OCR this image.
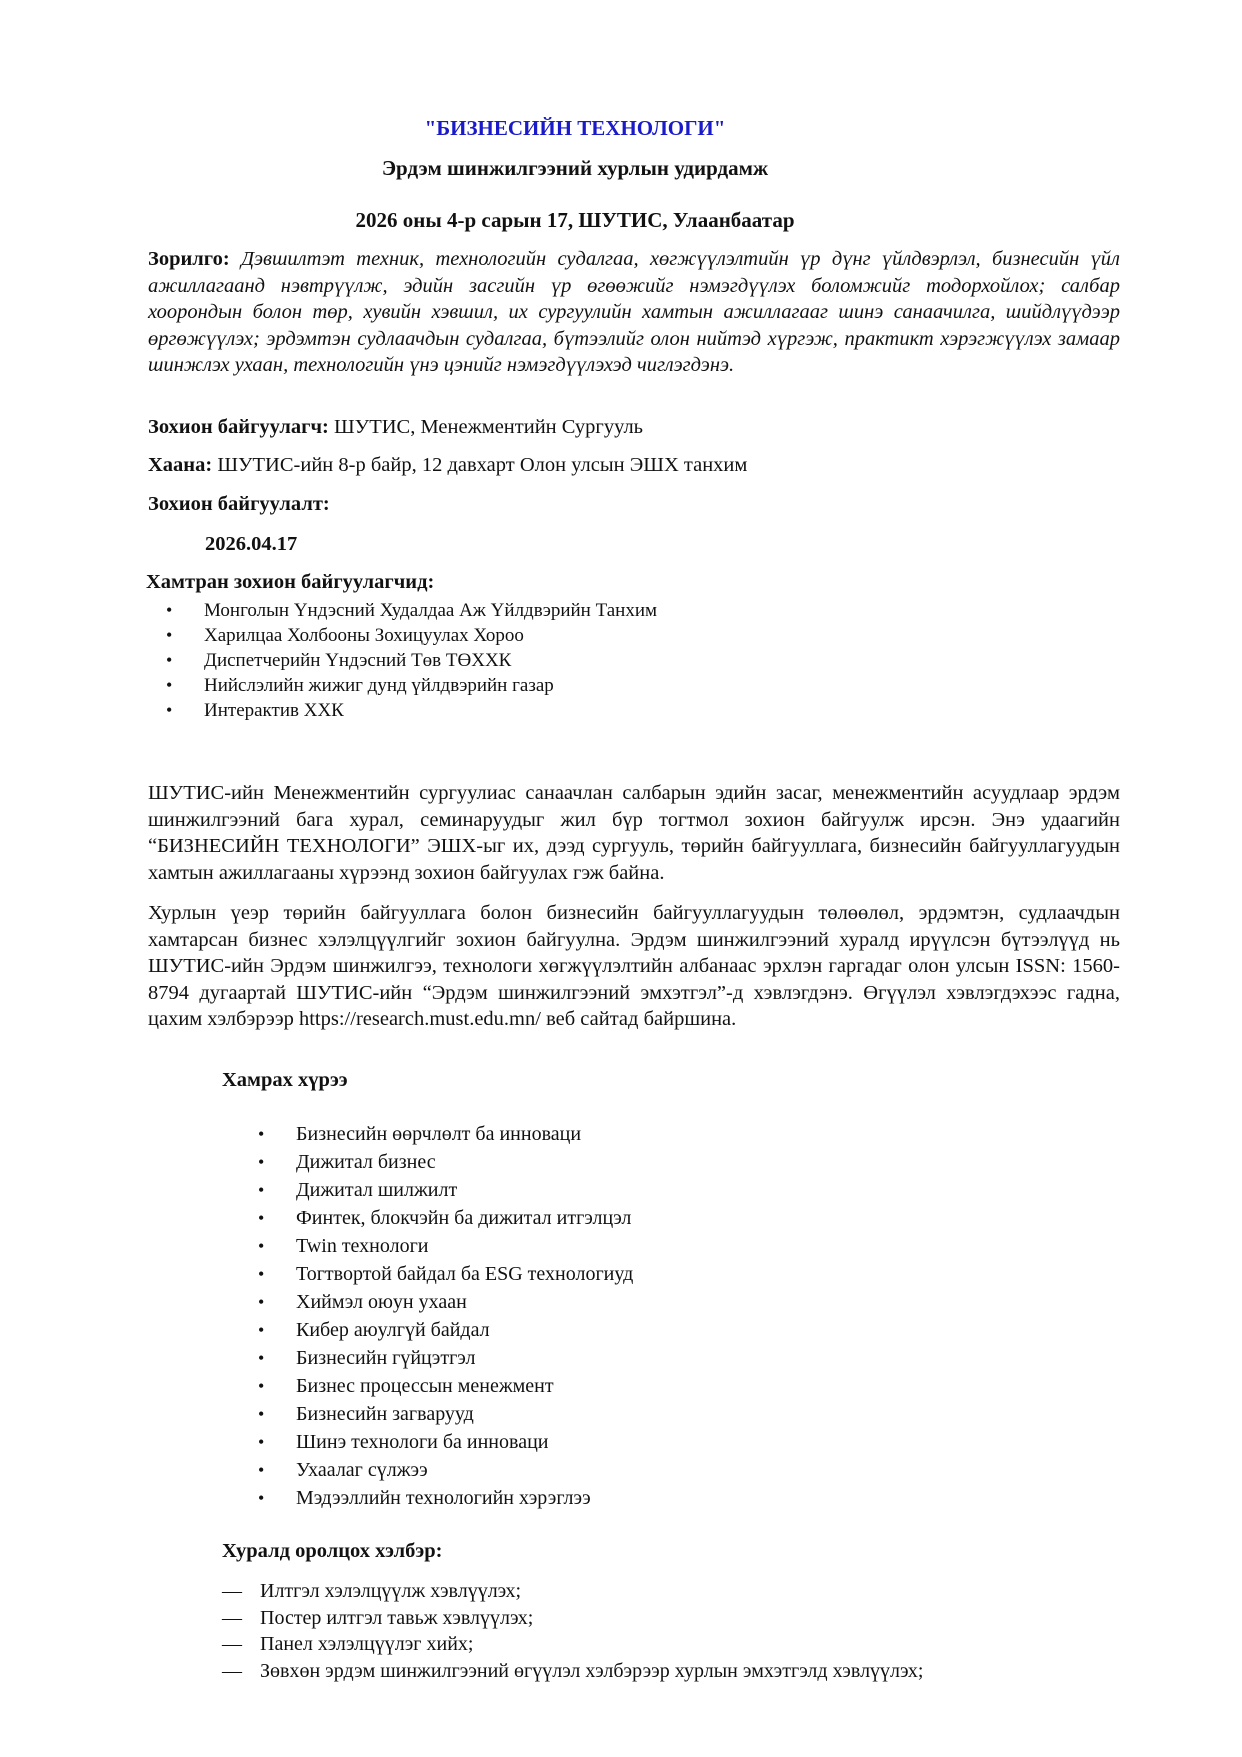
"БИЗНЕСИЙН ТЕХНОЛОГИ"
Эрдэм шинжилгээний хурлын удирдамж
2026 оны 4-р сарын 17, ШУТИС, Улаанбаатар
Зорилго: Дэвшилтэт техник, технологийн судалгаа, хөгжүүлэлтийн үр дүнг үйлдвэрлэл, бизнесийн үйл ажиллагаанд нэвтрүүлж, эдийн засгийн үр өгөөжийг нэмэгдүүлэх боломжийг тодорхойлох; салбар хоорондын болон төр, хувийн хэвшил, их сургуулийн хамтын ажиллагааг шинэ санаачилга, шийдлүүдээр өргөжүүлэх; эрдэмтэн судлаачдын судалгаа, бүтээлийг олон нийтэд хүргэж, практикт хэрэгжүүлэх замаар шинжлэх ухаан, технологийн үнэ цэнийг нэмэгдүүлэхэд чиглэгдэнэ.
Зохион байгуулагч: ШУТИС, Менежментийн Сургууль
Хаана: ШУТИС-ийн 8-р байр, 12 давхарт Олон улсын ЭШХ танхим
Зохион байгуулалт:
2026.04.17
Хамтран зохион байгуулагчид:
• Монголын Үндэсний Худалдаа Аж Үйлдвэрийн Танхим
• Харилцаа Холбооны Зохицуулах Хороо
• Диспетчерийн Үндэсний Төв ТӨХХК
• Нийслэлийн жижиг дунд үйлдвэрийн газар
• Интерактив ХХК
ШУТИС-ийн Менежментийн сургуулиас санаачлан салбарын эдийн засаг, менежментийн асуудлаар эрдэм шинжилгээний бага хурал, семинаруудыг жил бүр тогтмол зохион байгуулж ирсэн. Энэ удаагийн “БИЗНЕСИЙН ТЕХНОЛОГИ” ЭШХ-ыг их, дээд сургууль, төрийн байгууллага, бизнесийн байгууллагуудын хамтын ажиллагааны хүрээнд зохион байгуулах гэж байна.
Хурлын үеэр төрийн байгууллага болон бизнесийн байгууллагуудын төлөөлөл, эрдэмтэн, судлаачдын хамтарсан бизнес хэлэлцүүлгийг зохион байгуулна. Эрдэм шинжилгээний хуралд ирүүлсэн бүтээлүүд нь ШУТИС-ийн Эрдэм шинжилгээ, технологи хөгжүүлэлтийн албанаас эрхлэн гаргадаг олон улсын ISSN: 1560-8794 дугаартай ШУТИС-ийн “Эрдэм шинжилгээний эмхэтгэл”-д хэвлэгдэнэ. Өгүүлэл хэвлэгдэхээс гадна, цахим хэлбэрээр https://research.must.edu.mn/ веб сайтад байршина.
Хамрах хүрээ
• Бизнесийн өөрчлөлт ба инноваци
• Дижитал бизнес
• Дижитал шилжилт
• Финтек, блокчэйн ба дижитал итгэлцэл
• Twin технологи
• Тогтвортой байдал ба ESG технологиуд
• Хиймэл оюун ухаан
• Кибер аюулгүй байдал
• Бизнесийн гүйцэтгэл
• Бизнес процессын менежмент
• Бизнесийн загварууд
• Шинэ технологи ба инноваци
• Ухаалаг сүлжээ
• Мэдээллийн технологийн хэрэглээ
Хуралд оролцох хэлбэр:
— Илтгэл хэлэлцүүлж хэвлүүлэх;
— Постер илтгэл тавьж хэвлүүлэх;
— Панел хэлэлцүүлэг хийх;
— Зөвхөн эрдэм шинжилгээний өгүүлэл хэлбэрээр хурлын эмхэтгэлд хэвлүүлэх;
